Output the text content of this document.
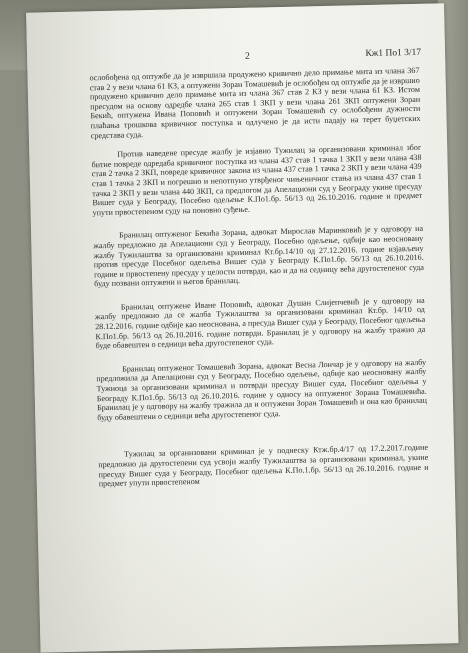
2	Кж1 По1 3/17

ослобођена од оптужбе да је извршила продужено кривично дело примање мита из члана 367 став 2 у вези члана 61 КЗ, а оптужени Зоран Томашевић је ослобођен од оптужбе да је извршио продужено кривично дело примање мита из члана 367 став 2 КЗ у вези члана 61 КЗ. Истом пресудом на основу одредбе члана 265 став 1 ЗКП у вези члана 261 ЗКП оптужени Зоран Бекић, оптужена Ивана Поповић и оптужени Зоран Томашевић су ослобођени дужности плаћања трошкова кривичног поступка и одлучено је да исти падају на терет буџетских средстава суда.

Против наведене пресуде жалбу је изјавио Тужилац за организовани криминал због битне повреде одредаба кривичног поступка из члана 437 став 1 тачка 1 ЗКП у вези члана 438 став 2 тачка 2 ЗКП, повреде кривичног закона из члана 437 став 1 тачка 2 ЗКП у вези члана 439 став 1 тачка 2 ЗКП и погрешно и непотпуно утврђеног чињеничног стања из члана 437 став 1 тачка 2 ЗКП у вези члана 440 ЗКП, са предлогом да Апелациони суд у Београду укине пресуду Вишег суда у Београду, Посебно одељење К.По1.бр. 56/13 од 26.10.2016. године и предмет упути првостепеном суду на поновно суђење.

Бранилац оптуженог Бекића Зорана, адвокат Мирослав Маринковић је у одговору на жалбу предложио да Апелациони суд у Београду, Посебно одељење, одбије као неосновану жалбу Тужилаштва за организовани криминал Кт.бр.14/10 од 27.12.2016. године изјављену против пресуде Посебног одељења Вишег суда у Београду К.По1.бр. 56/13 од 26.10.2016. године и првостепену пресуду у целости потврди, као и да на седницу већа другостепеног суда буду позвани оптужени и његов бранилац.

Бранилац оптужене Иване Поповић, адвокат Душан Слијепчевић је у одговору на жалбу предложио да се жалба Тужилаштва за организовани криминал Кт.бр. 14/10 од 28.12.2016. године одбије као неоснована, а пресуда Вишег суда у Београду, Посебног одељења К.По1.бр. 56/13 од 26.10.2016. године потврди. Бранилац је у одговору на жалбу тражио да буде обавештен о седници већа другостепеног суда.

Бранилац оптуженог Томашевић Зорана, адвокат Весна Лончар је у одговору на жалбу предложила да Апелациони суд у Београду, Посебно одељење, одбије као неосновану жалбу Тужиоца за организовани криминал и потврди пресуду Вишег суда, Посебног одељења у Београду К.По1.бр. 56/13 од 26.10.2016. године у односу на оптуженог Зорана Томашевића. Бранилац је у одговору на жалбу тражила да и оптужени Зоран Томашевић и она као бранилац буду обавештени о седници већа другостепеног суда.

Тужилац за организовани криминал је у поднеску Ктж.бр.4/17 од 17.2.2017.године предложио да другостепени суд усвоји жалбу Тужилаштва за организовани криминал, укине пресуду Вишег суда у Београду, Посебног одељења К.По.1.бр. 56/13 од 26.10.2016. године и предмет упути првостепеном
